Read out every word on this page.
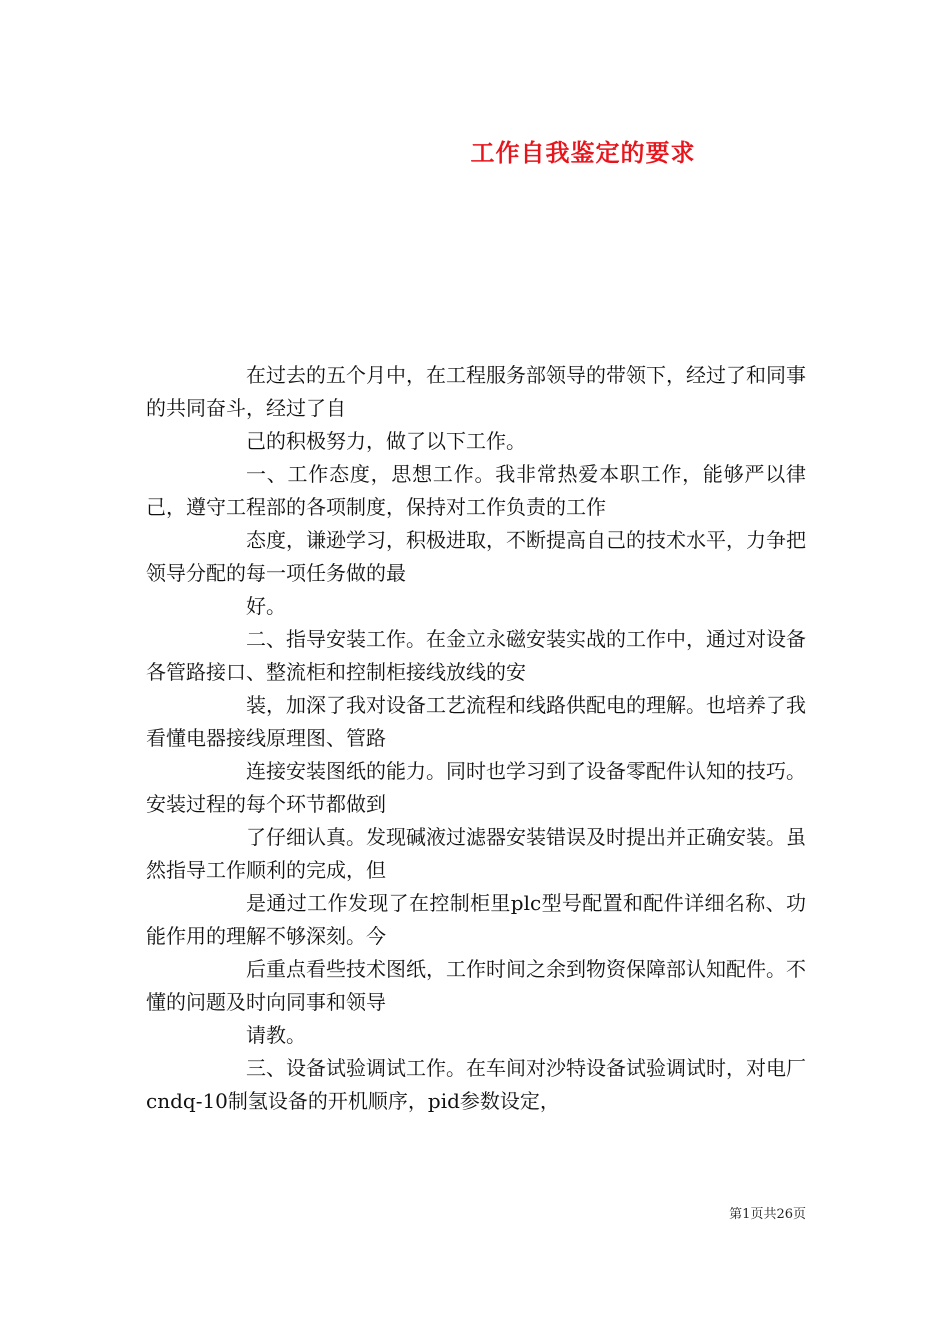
工作自我鉴定的要求

在过去的五个月中，在工程服务部领导的带领下，经过了和同事的共同奋斗，经过了自

己的积极努力，做了以下工作。

一、工作态度，思想工作。我非常热爱本职工作，能够严以律己，遵守工程部的各项制度，保持对工作负责的工作

态度，谦逊学习，积极进取，不断提高自己的技术水平，力争把领导分配的每一项任务做的最

好。

二、指导安装工作。在金立永磁安装实战的工作中，通过对设备各管路接口、整流柜和控制柜接线放线的安

装，加深了我对设备工艺流程和线路供配电的理解。也培养了我看懂电器接线原理图、管路

连接安装图纸的能力。同时也学习到了设备零配件认知的技巧。安装过程的每个环节都做到

了仔细认真。发现碱液过滤器安装错误及时提出并正确安装。虽然指导工作顺利的完成，但

是通过工作发现了在控制柜里plc型号配置和配件详细名称、功能作用的理解不够深刻。今

后重点看些技术图纸，工作时间之余到物资保障部认知配件。不懂的问题及时向同事和领导

请教。

三、设备试验调试工作。在车间对沙特设备试验调试时，对电厂cndq-10制氢设备的开机顺序，pid参数设定，

第1页共26页
